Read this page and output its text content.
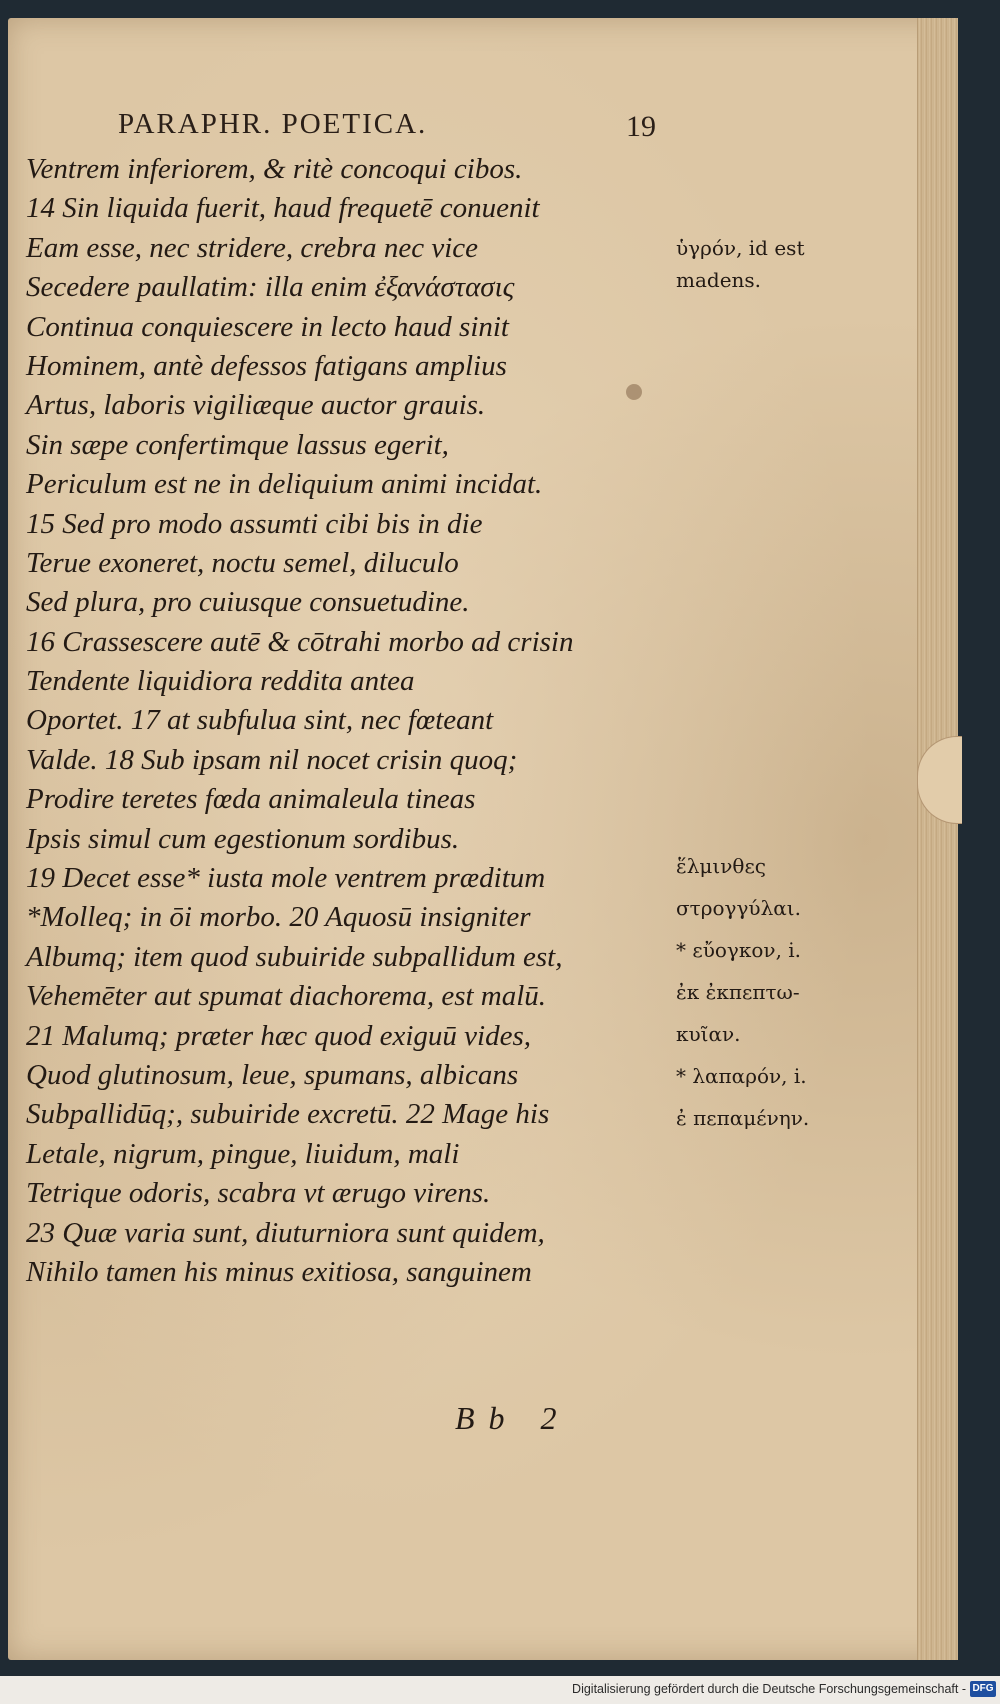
PARAPHR. POETICA.	19
Ventrem inferiorem, & ritè concoqui cibos.
14 Sin liquida fuerit, haud frequetē conuenit
Eam esse, nec stridere, crebra nec vice
Secedere paullatim: illa enim ἐξανάστασις
Continua conquiescere in lecto haud sinit
Hominem, antè defessos fatigans amplius
Artus, laboris vigiliæque auctor grauis.
Sin sæpe confertimque lassus egerit,
Periculum est ne in deliquium animi incidat.
15 Sed pro modo assumti cibi bis in die
Terue exoneret, noctu semel, diluculo
Sed plura, pro cuiusque consuetudine.
16 Crassescere autē & cōtrahi morbo ad crisin
Tendente liquidiora reddita antea
Oportet. 17 at subfulua sint, nec fœteant
Valde. 18 Sub ipsam nil nocet crisin quoq;
Prodire teretes fœda animaleula tineas
Ipsis simul cum egestionum sordibus.
19 Decet esse* iusta mole ventrem præditum
*Molleq; in ōi morbo. 20 Aquosū insigniter
Albumq; item quod subuiride subpallidum est,
Vehemēter aut spumat diachorema, est malū.
21 Malumq; præter hæc quod exiguū vides,
Quod glutinosum, leue, spumans, albicans
Subpallidūq;, subuiride excretū. 22 Mage his
Letale, nigrum, pingue, liuidum, mali
Tetrique odoris, scabra vt ærugo virens.
23 Quæ varia sunt, diuturniora sunt quidem,
Nihilo tamen his minus exitiosa, sanguinem
ὑγρόν, id est
madens.
ἕλμινθες
στρογγύλαι.
* εὔογκον, i.
ἐκ ἐκπεπτω-
κυῖαν.
* λαπαρόν, i.
ἐ πεπαμένην.
Bb 2
Digitalisierung gefördert durch die Deutsche Forschungsgemeinschaft - DFG
